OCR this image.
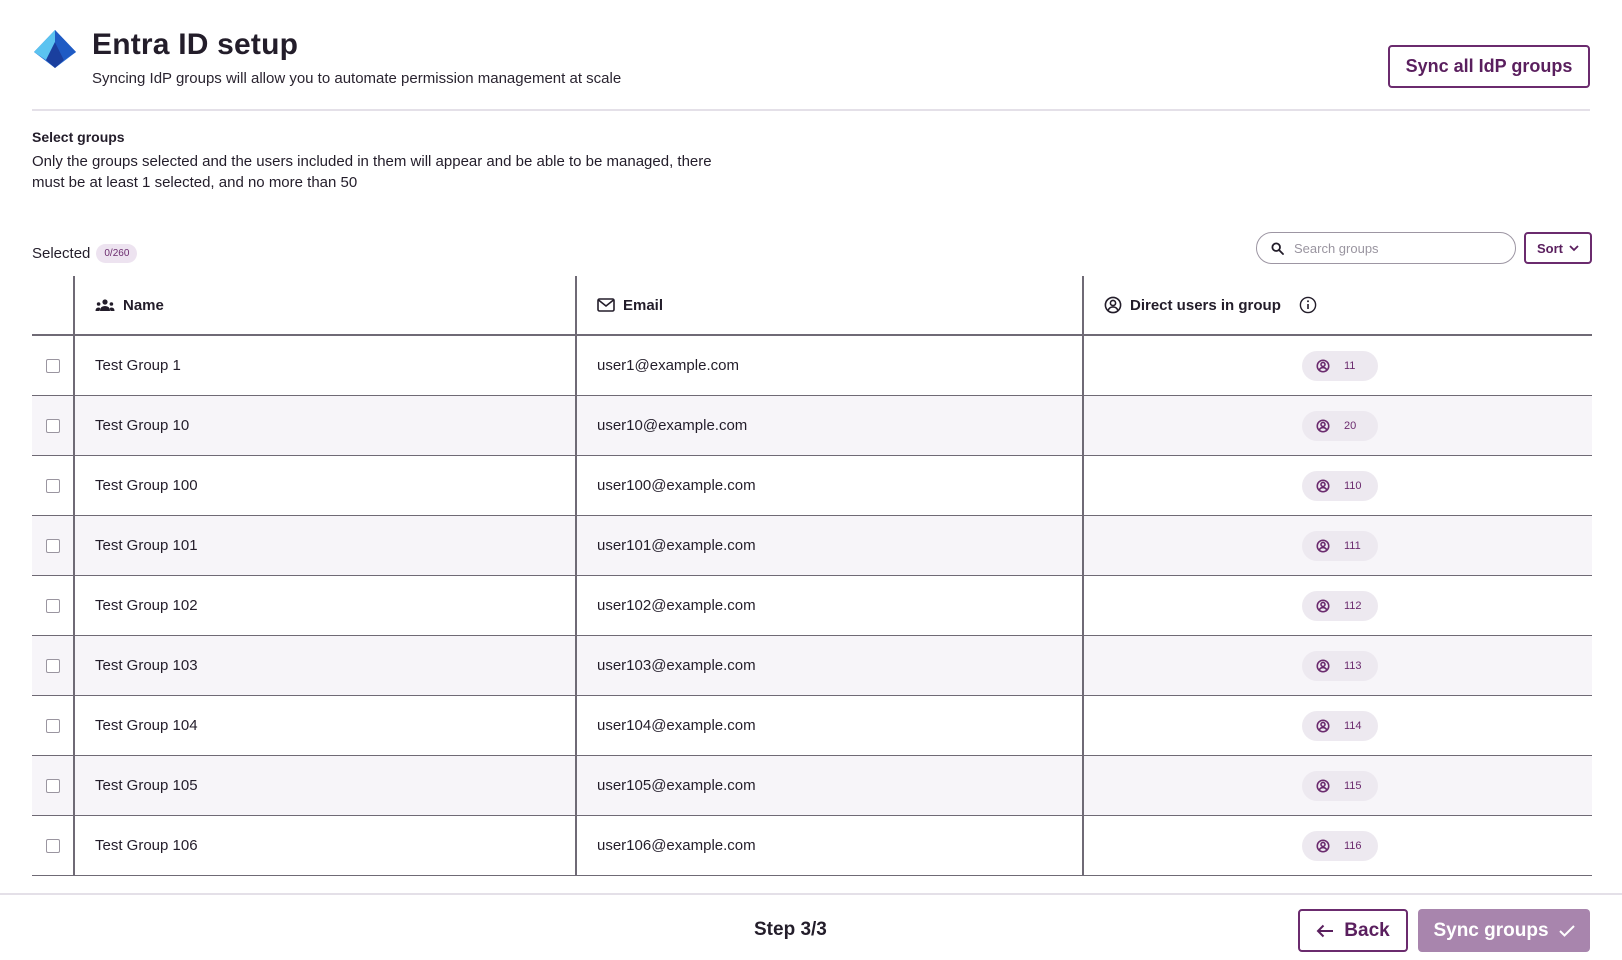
Entra ID setup
Syncing IdP groups will allow you to automate permission management at scale
Sync all IdP groups
Select groups
Only the groups selected and the users included in them will appear and be able to be managed, there must be at least 1 selected, and no more than 50
Selected	0/260
Search groups	Sort
Name	Email	Direct users in group
Test Group 1	user1@example.com	11
Test Group 10	user10@example.com	20
Test Group 100	user100@example.com	110
Test Group 101	user101@example.com	111
Test Group 102	user102@example.com	112
Test Group 103	user103@example.com	113
Test Group 104	user104@example.com	114
Test Group 105	user105@example.com	115
Test Group 106	user106@example.com	116
Step 3/3	Back Sync groups
